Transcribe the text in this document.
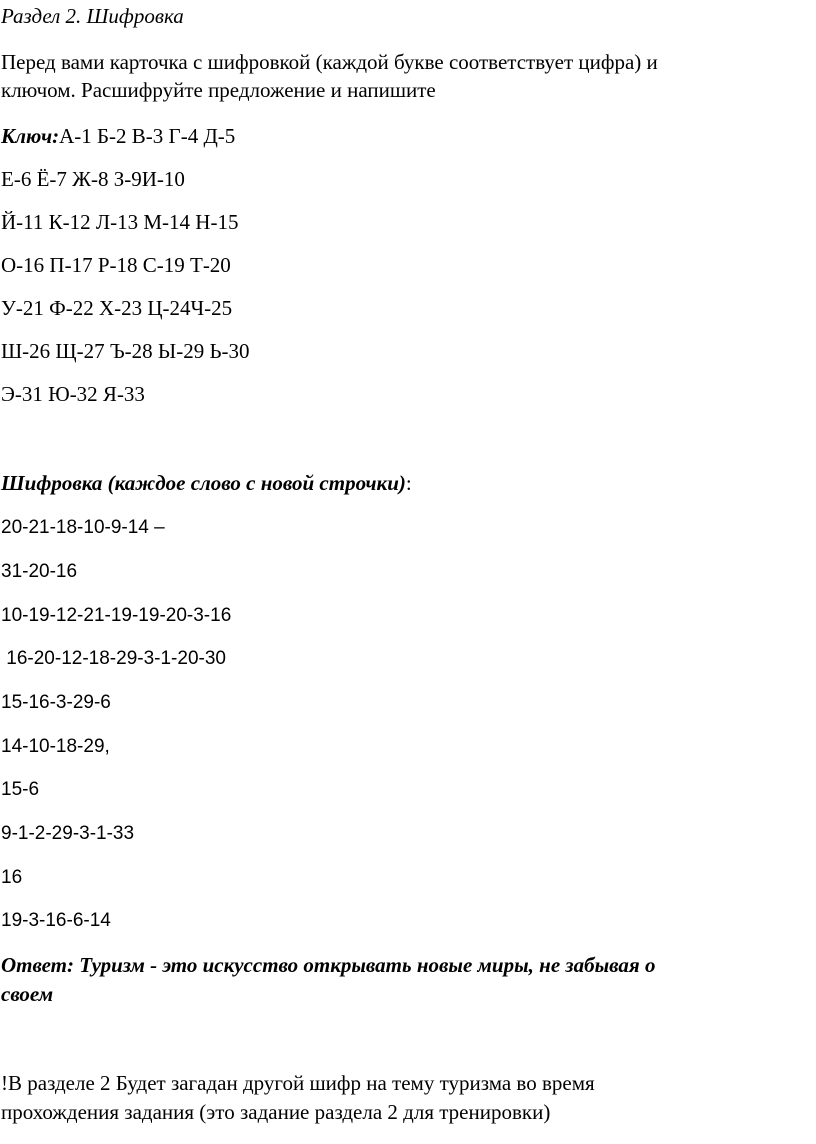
Раздел 2. Шифровка
Перед вами карточка с шифровкой (каждой букве соответствует цифра) и
ключом. Расшифруйте предложение и напишите
Ключ:А-1 Б-2 В-3 Г-4 Д-5
Е-6 Ё-7 Ж-8 З-9И-10
Й-11 К-12 Л-13 М-14 Н-15
О-16 П-17 Р-18 С-19 Т-20
У-21 Ф-22 Х-23 Ц-24Ч-25
Ш-26 Щ-27 Ъ-28 Ы-29 Ь-30
Э-31 Ю-32 Я-33
Шифровка (каждое слово с новой строчки):
20-21-18-10-9-14 –
31-20-16
10-19-12-21-19-19-20-3-16
16-20-12-18-29-3-1-20-30
15-16-3-29-6
14-10-18-29,
15-6
9-1-2-29-3-1-33
16
19-3-16-6-14
Ответ: Туризм - это искусство открывать новые миры, не забывая о
своем
!В разделе 2 Будет загадан другой шифр на тему туризма во время
прохождения задания (это задание раздела 2 для тренировки)
